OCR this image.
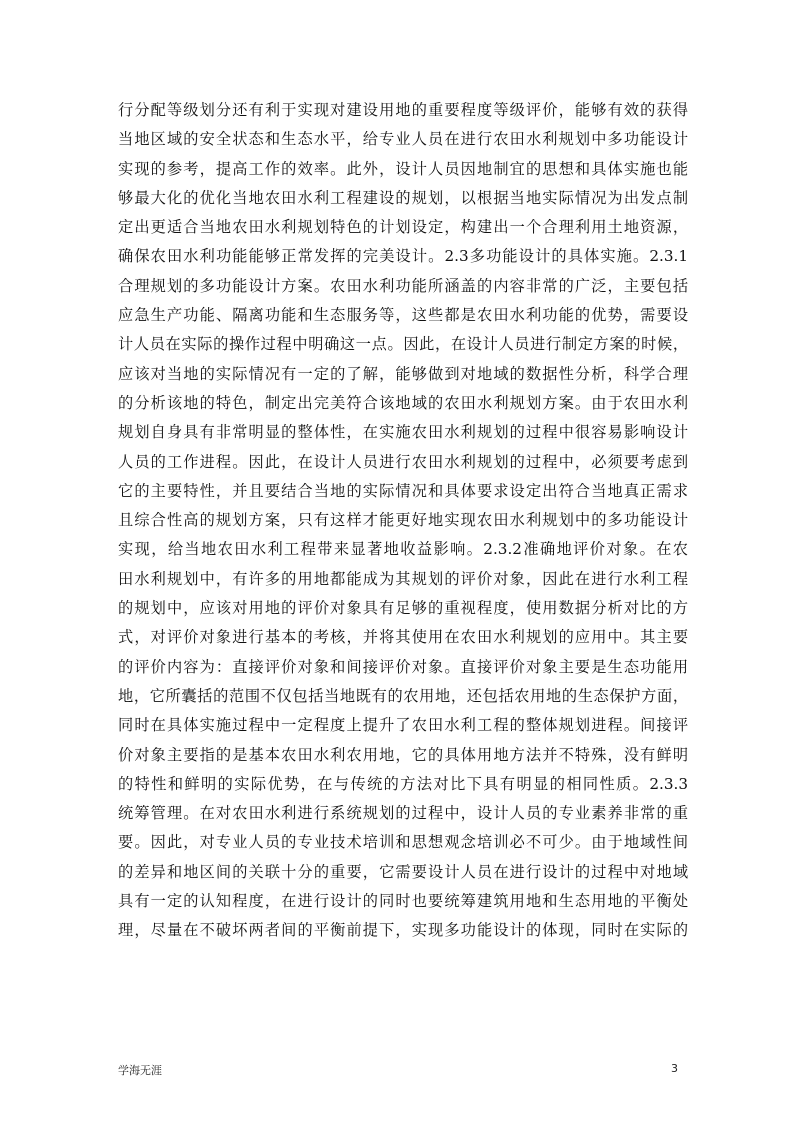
行分配等级划分还有利于实现对建设用地的重要程度等级评价，能够有效的获得
当地区域的安全状态和生态水平，给专业人员在进行农田水利规划中多功能设计
实现的参考，提高工作的效率。此外，设计人员因地制宜的思想和具体实施也能
够最大化的优化当地农田水利工程建设的规划，以根据当地实际情况为出发点制
定出更适合当地农田水利规划特色的计划设定，构建出一个合理利用土地资源，
确保农田水利功能能够正常发挥的完美设计。2.3多功能设计的具体实施。2.3.1
合理规划的多功能设计方案。农田水利功能所涵盖的内容非常的广泛，主要包括
应急生产功能、隔离功能和生态服务等，这些都是农田水利功能的优势，需要设
计人员在实际的操作过程中明确这一点。因此，在设计人员进行制定方案的时候，
应该对当地的实际情况有一定的了解，能够做到对地域的数据性分析，科学合理
的分析该地的特色，制定出完美符合该地域的农田水利规划方案。由于农田水利
规划自身具有非常明显的整体性，在实施农田水利规划的过程中很容易影响设计
人员的工作进程。因此，在设计人员进行农田水利规划的过程中，必须要考虑到
它的主要特性，并且要结合当地的实际情况和具体要求设定出符合当地真正需求
且综合性高的规划方案，只有这样才能更好地实现农田水利规划中的多功能设计
实现，给当地农田水利工程带来显著地收益影响。2.3.2准确地评价对象。在农
田水利规划中，有许多的用地都能成为其规划的评价对象，因此在进行水利工程
的规划中，应该对用地的评价对象具有足够的重视程度，使用数据分析对比的方
式，对评价对象进行基本的考核，并将其使用在农田水利规划的应用中。其主要
的评价内容为：直接评价对象和间接评价对象。直接评价对象主要是生态功能用
地，它所囊括的范围不仅包括当地既有的农用地，还包括农用地的生态保护方面，
同时在具体实施过程中一定程度上提升了农田水利工程的整体规划进程。间接评
价对象主要指的是基本农田水利农用地，它的具体用地方法并不特殊，没有鲜明
的特性和鲜明的实际优势，在与传统的方法对比下具有明显的相同性质。2.3.3
统筹管理。在对农田水利进行系统规划的过程中，设计人员的专业素养非常的重
要。因此，对专业人员的专业技术培训和思想观念培训必不可少。由于地域性间
的差异和地区间的关联十分的重要，它需要设计人员在进行设计的过程中对地域
具有一定的认知程度，在进行设计的同时也要统筹建筑用地和生态用地的平衡处
理，尽量在不破坏两者间的平衡前提下，实现多功能设计的体现，同时在实际的
学海无涯	3
